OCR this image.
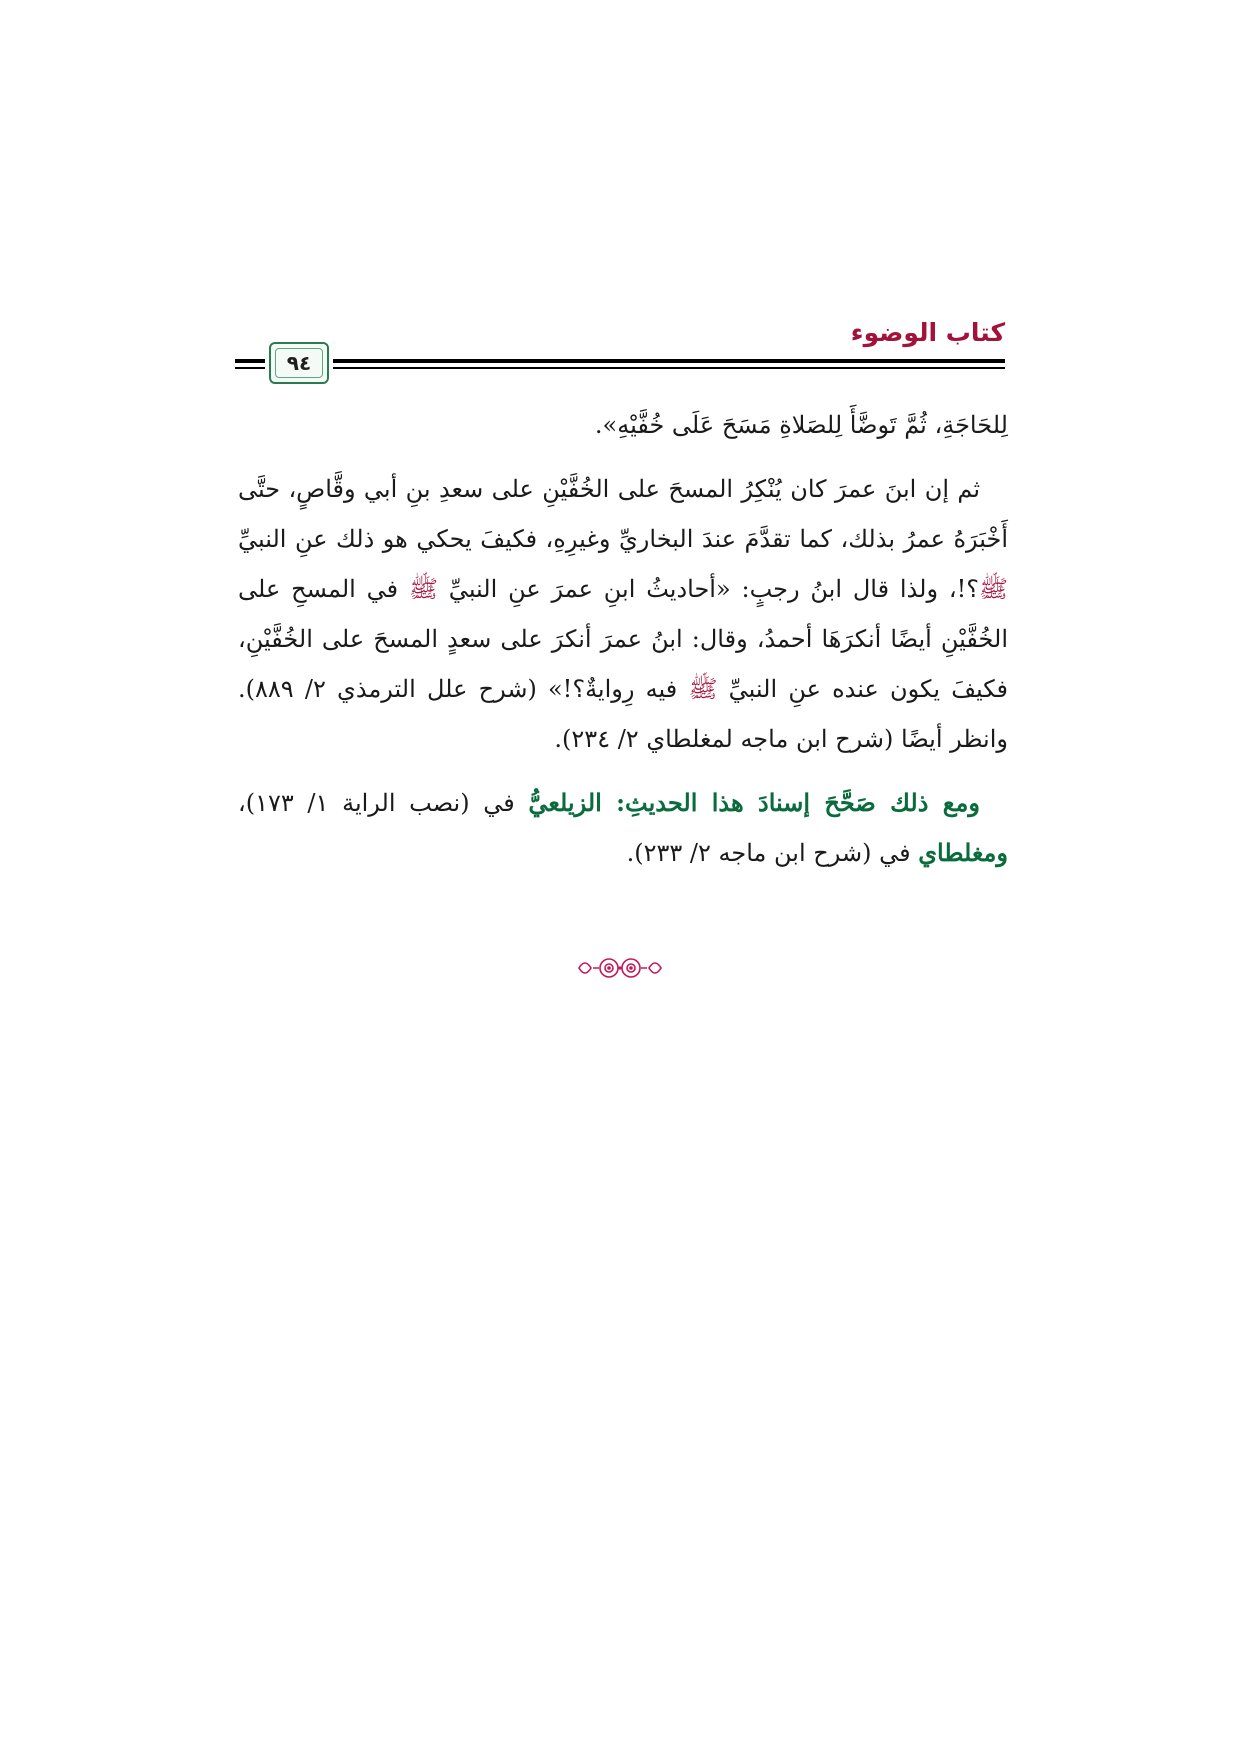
٩٤
كتاب الوضوء

لِلحَاجَةِ، ثُمَّ تَوضَّأَ لِلصَلاةِ مَسَحَ عَلَى خُفَّيْهِ».

ثم إن ابنَ عمرَ كان يُنْكِرُ المسحَ على الخُفَّيْنِ على سعدِ بنِ أبي وقَّاصٍ، حتَّى أَخْبَرَهُ عمرُ بذلك، كما تقدَّمَ عندَ البخاريِّ وغيرِهِ، فكيفَ يحكي هو ذلك عنِ النبيِّ ﷺ؟!، ولذا قال ابنُ رجبٍ: «أحاديثُ ابنِ عمرَ عنِ النبيِّ ﷺ في المسحِ على الخُفَّيْنِ أيضًا أنكرَهَا أحمدُ، وقال: ابنُ عمرَ أنكرَ على سعدٍ المسحَ على الخُفَّيْنِ، فكيفَ يكون عنده عنِ النبيِّ ﷺ فيه رِوايةٌ؟!» (شرح علل الترمذي ٢/ ٨٨٩). وانظر أيضًا (شرح ابن ماجه لمغلطاي ٢/ ٢٣٤).

ومع ذلك صَحَّحَ إسنادَ هذا الحديثِ: الزيلعيُّ في (نصب الراية ١/ ١٧٣)، ومغلطاي في (شرح ابن ماجه ٢/ ٢٣٣).
